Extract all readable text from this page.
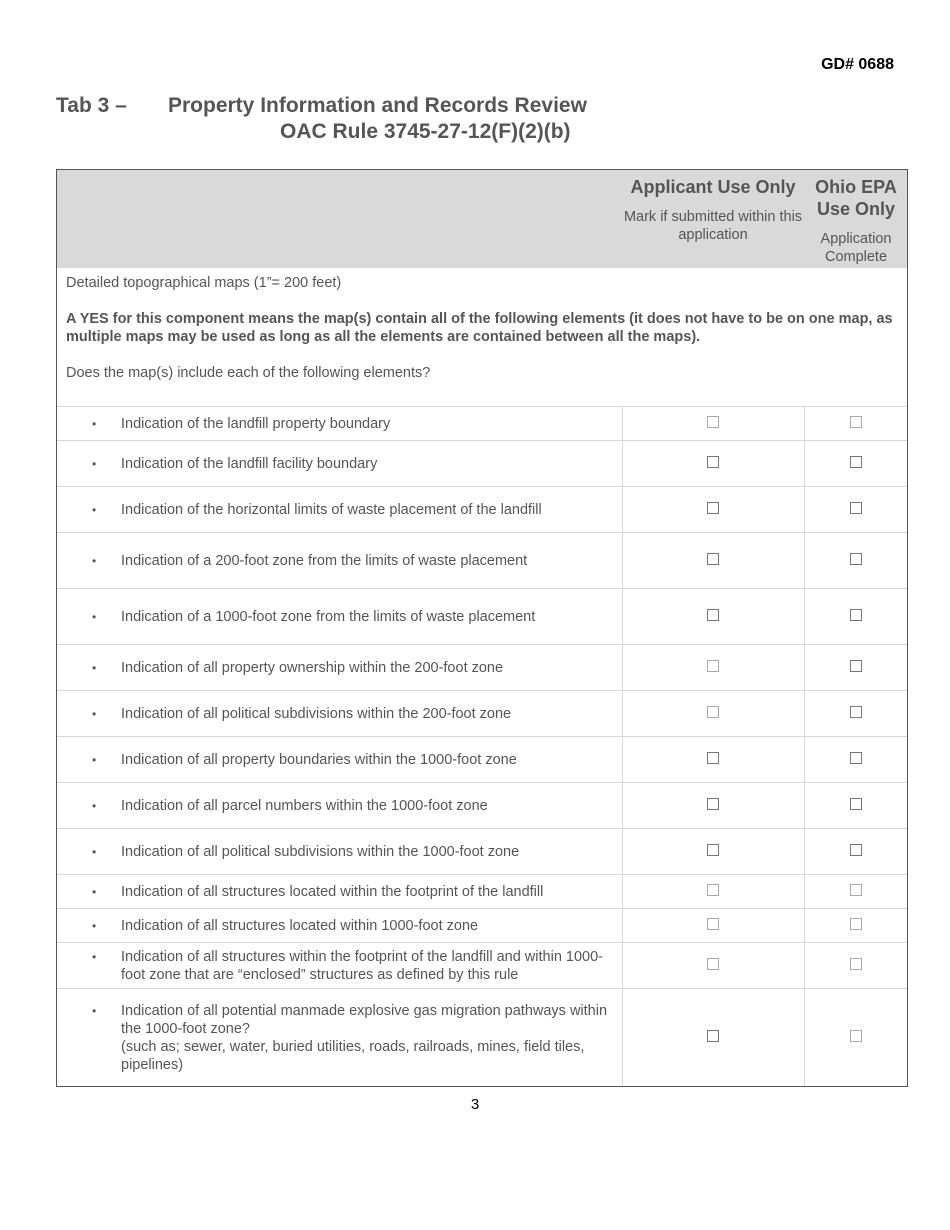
GD# 0688
Tab 3 – Property Information and Records Review
OAC Rule 3745-27-12(F)(2)(b)
Applicant Use Only
Mark if submitted within this application
Ohio EPA Use Only
Application Complete
Detailed topographical maps (1”= 200 feet)
A YES for this component means the map(s) contain all of the following elements (it does not have to be on one map, as multiple maps may be used as long as all the elements are contained between all the maps).
Does the map(s) include each of the following elements?
• Indication of the landfill property boundary
• Indication of the landfill facility boundary
• Indication of the horizontal limits of waste placement of the landfill
• Indication of a 200-foot zone from the limits of waste placement
• Indication of a 1000-foot zone from the limits of waste placement
• Indication of all property ownership within the 200-foot zone
• Indication of all political subdivisions within the 200-foot zone
• Indication of all property boundaries within the 1000-foot zone
• Indication of all parcel numbers within the 1000-foot zone
• Indication of all political subdivisions within the 1000-foot zone
• Indication of all structures located within the footprint of the landfill
• Indication of all structures located within 1000-foot zone
• Indication of all structures within the footprint of the landfill and within 1000-foot zone that are “enclosed” structures as defined by this rule
• Indication of all potential manmade explosive gas migration pathways within the 1000-foot zone?
(such as; sewer, water, buried utilities, roads, railroads, mines, field tiles, pipelines)
3
